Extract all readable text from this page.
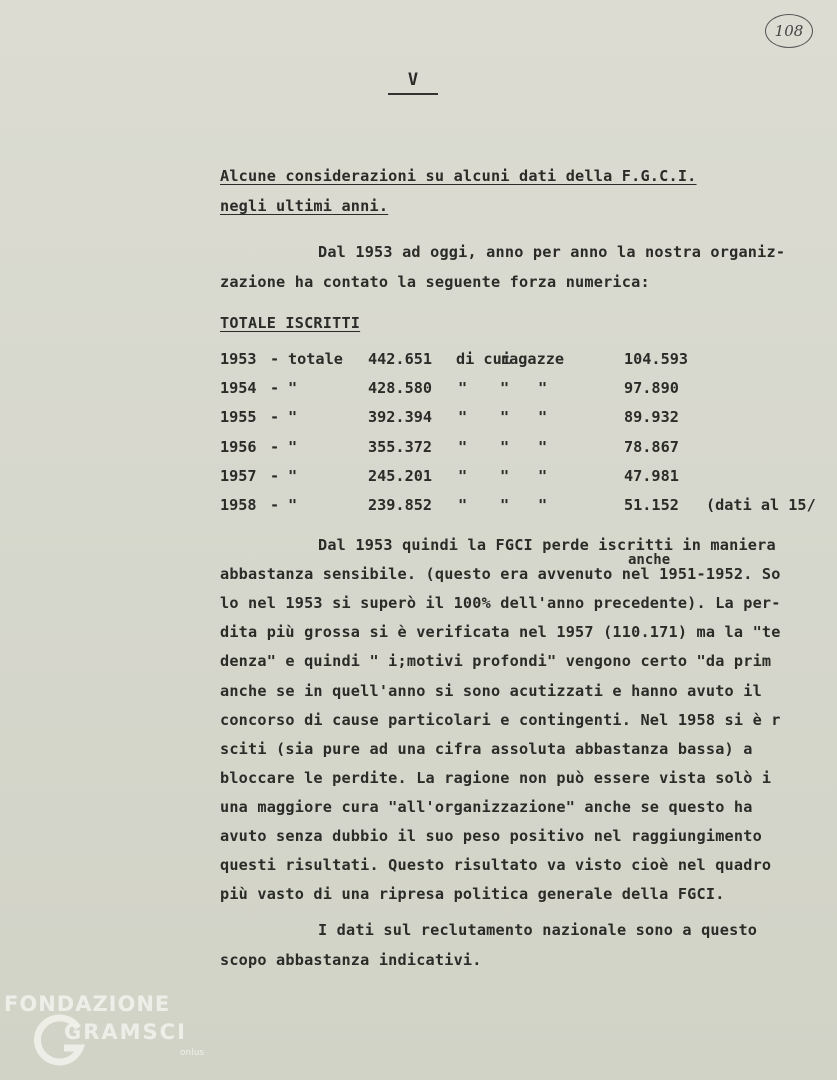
108
V
Alcune considerazioni su alcuni dati della F.G.C.I.
negli ultimi anni.
Dal 1953 ad oggi, anno per anno la nostra organiz-
zazione ha contato la seguente forza numerica:
TOTALE ISCRITTI
1953 - totale 442.651 di cui
ragazze	104.593
1954 - "	428.580 " " "	97.890
1955 - "	392.394 " " "	89.932
1956 - "	355.372 " " "	78.867
1957 - "	245.201 " " "	47.981
1958 - "	239.852 " " "	51.152 (dati al 15/
anche
Dal 1953 quindi la FGCI perde iscritti in maniera
abbastanza sensibile. (questo era avvenuto nel 1951-1952. So
lo nel 1953 si superò il 100% dell'anno precedente). La per-
dita più grossa si è verificata nel 1957 (110.171) ma la "te
denza" e quindi " i;motivi profondi" vengono certo "da prim
anche se in quell'anno si sono acutizzati e hanno avuto il
concorso di cause particolari e contingenti. Nel 1958 si è r
sciti (sia pure ad una cifra assoluta abbastanza bassa) a
bloccare le perdite. La ragione non può essere vista solò i
una maggiore cura "all'organizzazione" anche se questo ha
avuto senza dubbio il suo peso positivo nel raggiungimento
questi risultati. Questo risultato va visto cioè nel quadro
più vasto di una ripresa politica generale della FGCI.
I dati sul reclutamento nazionale sono a questo
scopo abbastanza indicativi.
FONDAZIONE
GRAMSCI
onlus
